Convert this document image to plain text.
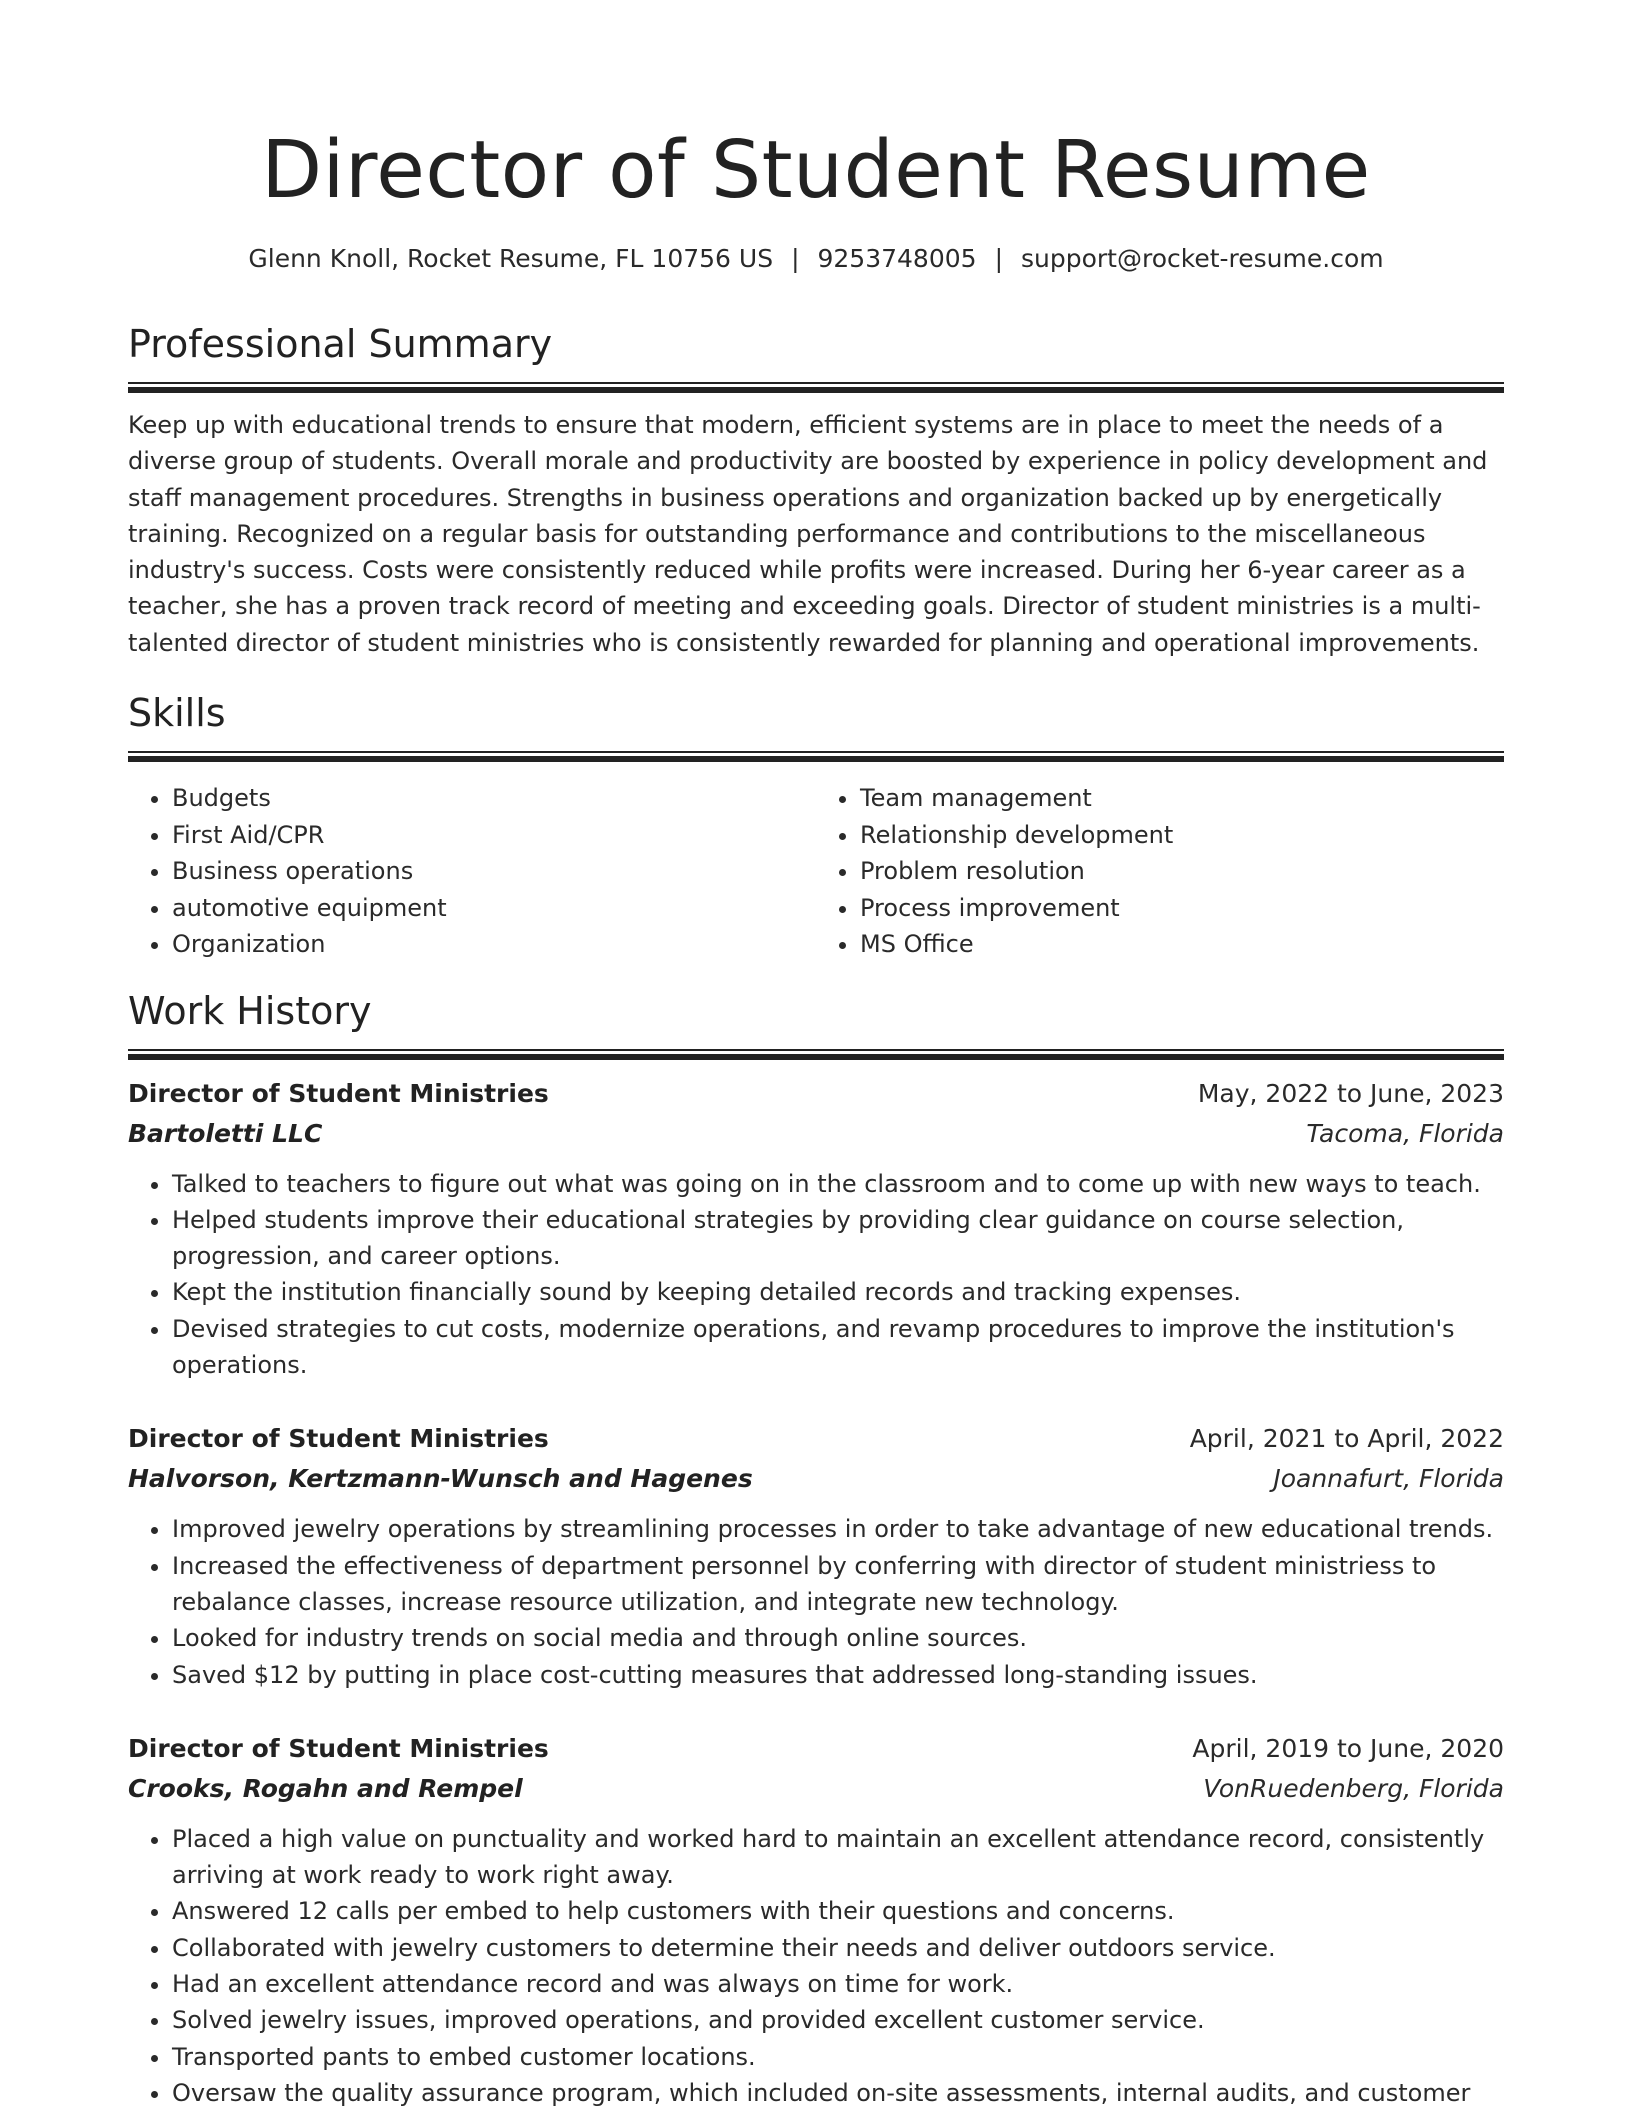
Director of Student Resume
Glenn Knoll, Rocket Resume, FL 10756 US | 9253748005 | support@rocket-resume.com
Professional Summary

Keep up with educational trends to ensure that modern, efficient systems are in place to meet the needs of a diverse group of students. Overall morale and productivity are boosted by experience in policy development and staff management procedures. Strengths in business operations and organization backed up by energetically training. Recognized on a regular basis for outstanding performance and contributions to the miscellaneous industry's success. Costs were consistently reduced while profits were increased. During her 6-year career as a teacher, she has a proven track record of meeting and exceeding goals. Director of student ministries is a multi-talented director of student ministries who is consistently rewarded for planning and operational improvements.

Skills
• Budgets
• First Aid/CPR
• Business operations
• automotive equipment
• Organization
• Team management
• Relationship development
• Problem resolution
• Process improvement
• MS Office
Work History
Director of Student Ministries	May, 2022 to June, 2023
Bartoletti LLC	Tacoma, Florida
• Talked to teachers to figure out what was going on in the classroom and to come up with new ways to teach.
• Helped students improve their educational strategies by providing clear guidance on course selection, progression, and career options.
• Kept the institution financially sound by keeping detailed records and tracking expenses.
• Devised strategies to cut costs, modernize operations, and revamp procedures to improve the institution's operations.
Director of Student Ministries	April, 2021 to April, 2022
Halvorson, Kertzmann-Wunsch and Hagenes	Joannafurt, Florida
• Improved jewelry operations by streamlining processes in order to take advantage of new educational trends.
• Increased the effectiveness of department personnel by conferring with director of student ministriess to rebalance classes, increase resource utilization, and integrate new technology.
• Looked for industry trends on social media and through online sources.
• Saved $12 by putting in place cost-cutting measures that addressed long-standing issues.
Director of Student Ministries	April, 2019 to June, 2020
Crooks, Rogahn and Rempel	VonRuedenberg, Florida
• Placed a high value on punctuality and worked hard to maintain an excellent attendance record, consistently arriving at work ready to work right away.
• Answered 12 calls per embed to help customers with their questions and concerns.
• Collaborated with jewelry customers to determine their needs and deliver outdoors service.
• Had an excellent attendance record and was always on time for work.
• Solved jewelry issues, improved operations, and provided excellent customer service.
• Transported pants to embed customer locations.
• Oversaw the quality assurance program, which included on-site assessments, internal audits, and customer
